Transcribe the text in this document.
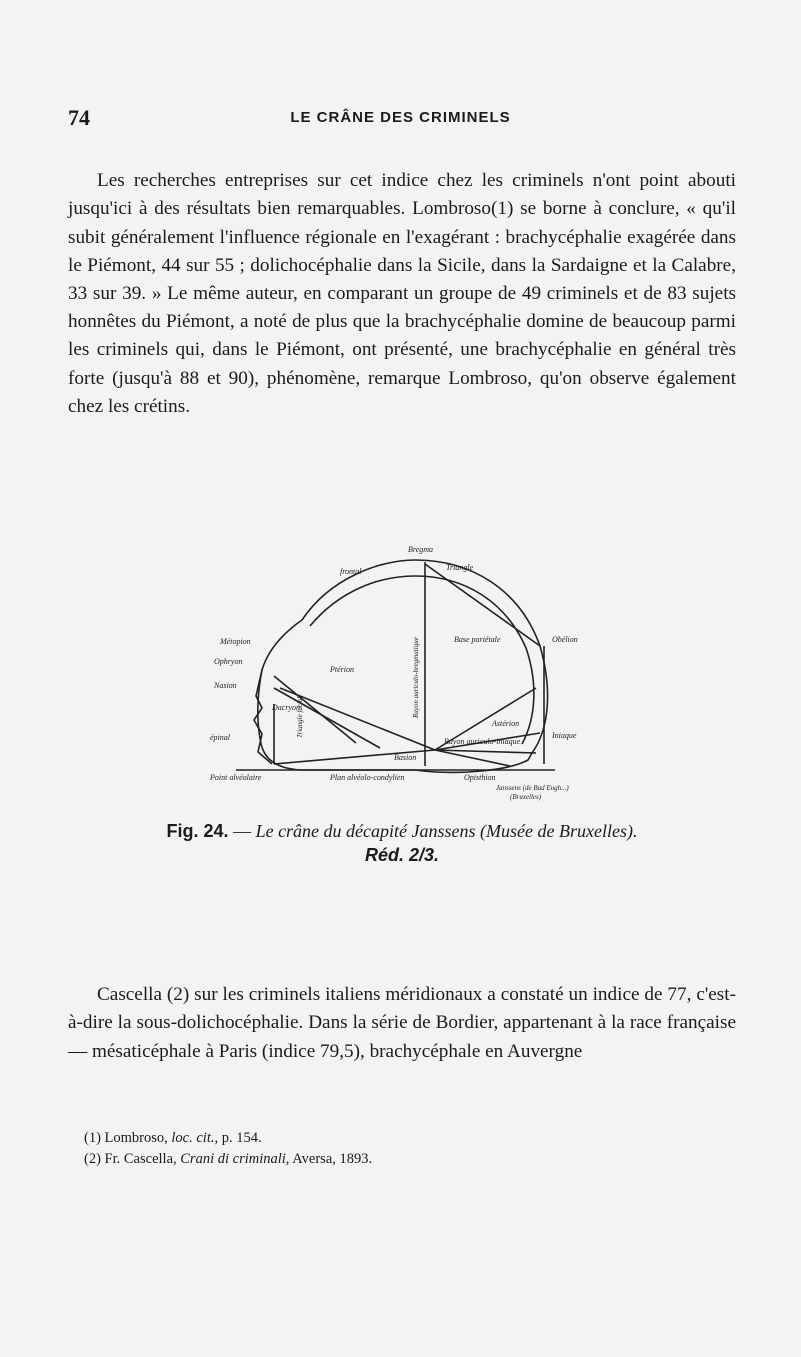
74	LE CRÂNE DES CRIMINELS

Les recherches entreprises sur cet indice chez les criminels n'ont point abouti jusqu'ici à des résultats bien remarquables. Lombroso(1) se borne à conclure, « qu'il subit généralement l'influence régionale en l'exagérant : brachycéphalie exagérée dans le Piémont, 44 sur 55 ; dolichocéphalie dans la Sicile, dans la Sardaigne et la Calabre, 33 sur 39. » Le même auteur, en comparant un groupe de 49 criminels et de 83 sujets honnêtes du Piémont, a noté de plus que la brachycéphalie domine de beaucoup parmi les criminels qui, dans le Piémont, ont présenté, une brachycéphalie en général très forte (jusqu'à 88 et 90), phénomène, remarque Lombroso, qu'on observe également chez les crétins.

Bregma
frontal	Triangle
Base pariétale	Obélion
Métopion
Ophryon
Nasion
Ptérion
Dacryon
épinal
Astérion
Rayon auriculo-iniaque
Iniaque
Basion
Point alvéolaire	Plan alvéolo-condylien	Opisthion
Janssens (de Bad Engh...)
(Bruxelles)
Rayon auriculo-bregmatique
Triangle facial
Fig. 24. — Le crâne du décapité Janssens (Musée de Bruxelles).
Réd. 2/3.

Cascella (2) sur les criminels italiens méridionaux a constaté un indice de 77, c'est-à-dire la sous-dolichocéphalie. Dans la série de Bordier, appartenant à la race française — mésaticéphale à Paris (indice 79,5), brachycéphale en Auvergne

(1) Lombroso, loc. cit., p. 154.
(2) Fr. Cascella, Crani di criminali, Aversa, 1893.
